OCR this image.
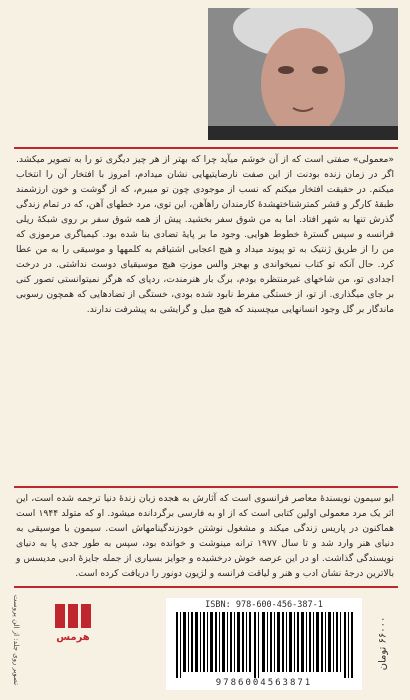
«معمولی» صفتی است که از آن خوشم میآید چرا که بهتر از هر چیز دیگری تو را به تصویر میکشد. اگر در زمان زنده بودنت از این صفت نارضایتیهایی نشان میدادم، امروز با افتخار آن را انتخاب میکنم. در حقیقت افتخار میکنم که نسب از موجودی چون تو میبرم، که از گوشت و خون ارزشمند طبقهٔ کارگر و قشر کمترشناختهشدهٔ کارمندان راهآهن، این توی، مرد خطهای آهن، که در تمام زندگی گذرش تنها به شهر افتاد. اما به من شوق سفر بخشید. پیش از همه شوق سفر بر روی شبکهٔ ریلی فرانسه و سپس گسترهٔ خطوط هوایی. وجود ما بر پایهٔ تضادی بنا شده بود. کیمیاگری مرموزی که من را از طریق ژنتیک به تو پیوند میداد و هیچ اعجابی اشتیاقم به کلمهها و موسیقی را به من عطا کرد. حال آنکه تو کتاب نمیخواندی و بهجز والس موزتِ هیچ موسیقیای دوست نداشتی. در درخت اجدادی تو، من شاخهای غیرمنتظره بودم، برگ بار هنرمندت، ردپای که هرگز نمیتوانستی تصور کنی بر جای میگذاری. از تو، از خستگی مفرط نابود شده بودی، خستگی از تضادهایی که همچون رسوبی ماندگار بر گل وجود انسانهایی میچسبند که هیچ میل و گرایشی به پیشرفت ندارند.
ایو سیمون نویسندهٔ معاصر فرانسوی است که آثارش به هجده زبان زندهٔ دنیا ترجمه شده است، این اثر یک مرد معمولی اولین کتابی است که از او به فارسی برگردانده میشود. او که متولد ۱۹۴۴ است هماکنون در پاریس زندگی میکند و مشغول نوشتن خودزندگینامهاش است. سیمون با موسیقی به دنیای هنر وارد شد و تا سال ۱۹۷۷ ترانه مینوشت و خوانده بود، سپس به طور جدی پا به دنیای نویسندگی گذاشت. او در این عرصه خوش درخشیده و جوایز بسیاری از جمله جایزهٔ ادبی مدیسس و بالاترین درجهٔ نشان ادب و هنر و لیاقت فرانسه و لژیون دونور را دریافت کرده است.
تصویر روی جلد: از الن پروست	هرمس
ISBN: 978-600-456-387-1
9786004563871
۶۶۰۰۰ تومان
